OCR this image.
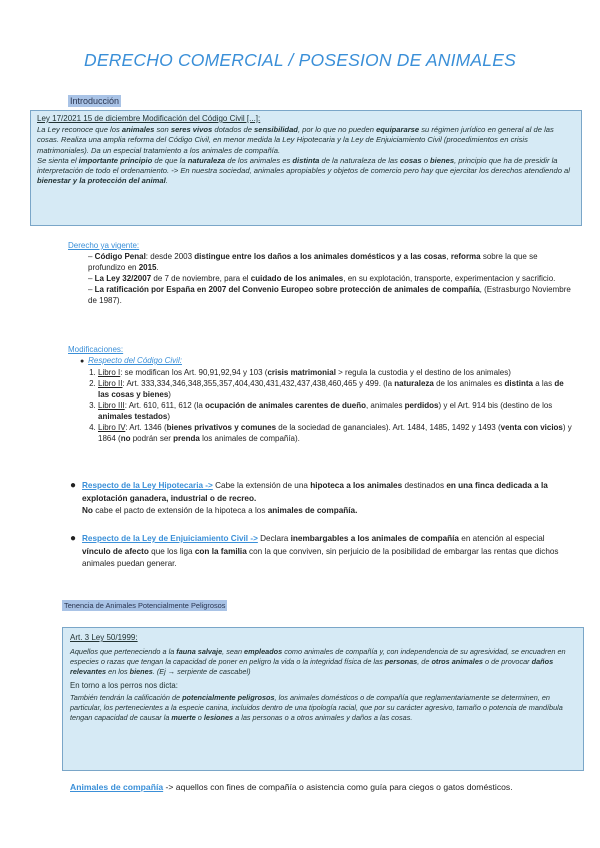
DERECHO COMERCIAL / POSESION DE ANIMALES
Introducción
Ley 17/2021 15 de diciembre Modificación del Código Civil [...]:

La Ley reconoce que los animales son seres vivos dotados de sensibilidad, por lo que no pueden equipararse su régimen jurídico en general al de las cosas. Realiza una amplia reforma del Código Civil, en menor medida la Ley Hipotecaria y la Ley de Enjuiciamiento Civil (procedimientos en crisis matrimoniales). Da un especial tratamiento a los animales de compañía.

Se sienta el importante principio de que la naturaleza de los animales es distinta de la naturaleza de las cosas o bienes, principio que ha de presidir la interpretación de todo el ordenamiento. -> En nuestra sociedad, animales apropiables y objetos de comercio pero hay que ejercitar los derechos atendiendo al bienestar y la protección del animal.

Derecho ya vigente:
– Código Penal: desde 2003 distingue entre los daños a los animales domésticos y a las cosas, reforma sobre la que se profundizo en 2015.
– La Ley 32/2007 de 7 de noviembre, para el cuidado de los animales, en su explotación, transporte, experimentacion y sacrificio.
– La ratificación por España en 2007 del Convenio Europeo sobre protección de animales de compañía, (Estrasburgo Noviembre de 1987).
Modificaciones:
●  Respecto del Código Civil:
1. Libro I: se modifican los Art. 90,91,92,94 y 103 (crisis matrimonial > regula la custodia y el destino de los animales)
2. Libro II: Art. 333,334,346,348,355,357,404,430,431,432,437,438,460,465 y 499. (la naturaleza de los animales es distinta a las de las cosas y bienes)
3. Libro III: Art. 610, 611, 612 (la ocupación de animales carentes de dueño, animales perdidos) y el Art. 914 bis (destino de los animales testados)
4. Libro IV: Art. 1346 (bienes privativos y comunes de la sociedad de gananciales). Art. 1484, 1485, 1492 y 1493 (venta con vicios) y 1864 (no podrán ser prenda los animales de compañía).
● Respecto de la Ley Hipotecaria -> Cabe la extensión de una hipoteca a los animales destinados en una finca dedicada a la explotación ganadera, industrial o de recreo.
No cabe el pacto de extensión de la hipoteca a los animales de compañía.
● Respecto de la Ley de Enjuiciamiento Civil -> Declara inembargables a los animales de compañía en atención al especial vínculo de afecto que los liga con la familia con la que conviven, sin perjuicio de la posibilidad de embargar las rentas que dichos animales puedan generar.
Tenencia de Animales Potencialmente Peligrosos
Art. 3 Ley 50/1999:

Aquellos que perteneciendo a la fauna salvaje, sean empleados como animales de compañía y, con independencia de su agresividad, se encuadren en especies o razas que tengan la capacidad de poner en peligro la vida o la integridad física de las personas, de otros animales o de provocar daños relevantes en los bienes. (Ej → serpiente de cascabel)

En torno a los perros nos dicta:

También tendrán la calificación de potencialmente peligrosos, los animales domésticos o de compañía que reglamentariamente se determinen, en particular, los pertenecientes a la especie canina, incluidos dentro de una tipología racial, que por su carácter agresivo, tamaño o potencia de mandíbula tengan capacidad de causar la muerte o lesiones a las personas o a otros animales y daños a las cosas.

Animales de compañía -> aquellos con fines de compañía o asistencia como guía para ciegos o gatos domésticos.
